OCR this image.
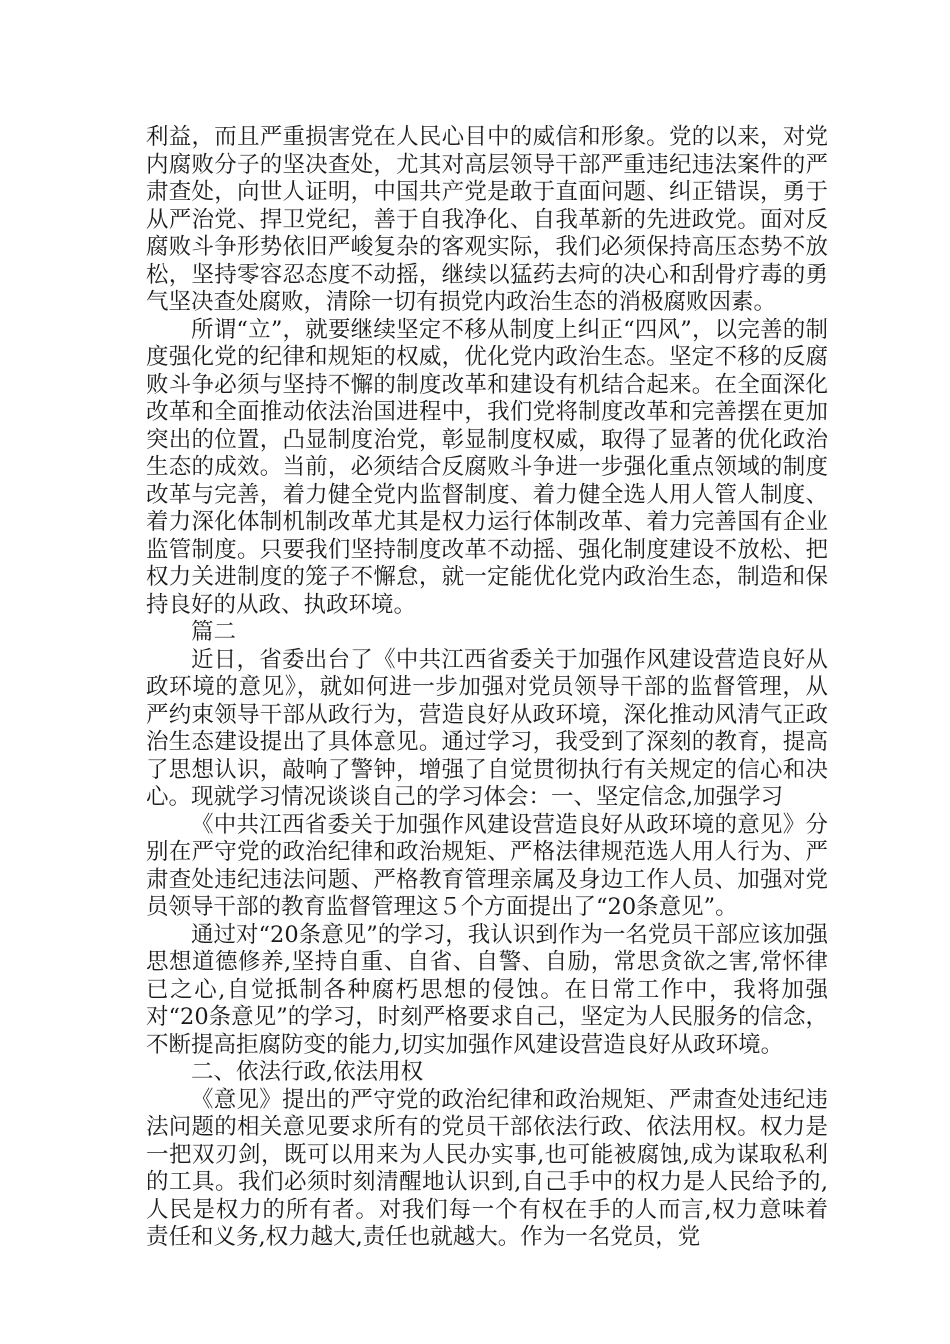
利益，而且严重损害党在人民心目中的威信和形象。党的以来，对党内腐败分子的坚决查处，尤其对高层领导干部严重违纪违法案件的严肃查处，向世人证明，中国共产党是敢于直面问题、纠正错误，勇于从严治党、捍卫党纪，善于自我净化、自我革新的先进政党。面对反腐败斗争形势依旧严峻复杂的客观实际，我们必须保持高压态势不放松，坚持零容忍态度不动摇，继续以猛药去疴的决心和刮骨疗毒的勇气坚决查处腐败，清除一切有损党内政治生态的消极腐败因素。

所谓“立”，就要继续坚定不移从制度上纠正“四风”，以完善的制度强化党的纪律和规矩的权威，优化党内政治生态。坚定不移的反腐败斗争必须与坚持不懈的制度改革和建设有机结合起来。在全面深化改革和全面推动依法治国进程中，我们党将制度改革和完善摆在更加突出的位置，凸显制度治党，彰显制度权威，取得了显著的优化政治生态的成效。当前，必须结合反腐败斗争进一步强化重点领域的制度改革与完善，着力健全党内监督制度、着力健全选人用人管人制度、着力深化体制机制改革尤其是权力运行体制改革、着力完善国有企业监管制度。只要我们坚持制度改革不动摇、强化制度建设不放松、把权力关进制度的笼子不懈怠，就一定能优化党内政治生态，制造和保持良好的从政、执政环境。

篇二

近日，省委出台了《中共江西省委关于加强作风建设营造良好从政环境的意见》，就如何进一步加强对党员领导干部的监督管理，从严约束领导干部从政行为，营造良好从政环境，深化推动风清气正政治生态建设提出了具体意见。通过学习，我受到了深刻的教育，提高了思想认识，敲响了警钟，增强了自觉贯彻执行有关规定的信心和决心。现就学习情况谈谈自己的学习体会：一、坚定信念,加强学习

《中共江西省委关于加强作风建设营造良好从政环境的意见》分别在严守党的政治纪律和政治规矩、严格法律规范选人用人行为、严肃查处违纪违法问题、严格教育管理亲属及身边工作人员、加强对党员领导干部的教育监督管理这５个方面提出了“20条意见”。

通过对“20条意见”的学习，我认识到作为一名党员干部应该加强思想道德修养,坚持自重、自省、自警、自励，常思贪欲之害,常怀律已之心,自觉抵制各种腐朽思想的侵蚀。在日常工作中，我将加强对“20条意见”的学习，时刻严格要求自己，坚定为人民服务的信念，不断提高拒腐防变的能力,切实加强作风建设营造良好从政环境。

二、依法行政,依法用权

《意见》提出的严守党的政治纪律和政治规矩、严肃查处违纪违法问题的相关意见要求所有的党员干部依法行政、依法用权。权力是一把双刃剑，既可以用来为人民办实事,也可能被腐蚀,成为谋取私利的工具。我们必须时刻清醒地认识到,自己手中的权力是人民给予的,人民是权力的所有者。对我们每一个有权在手的人而言,权力意味着责任和义务,权力越大,责任也就越大。作为一名党员，党
